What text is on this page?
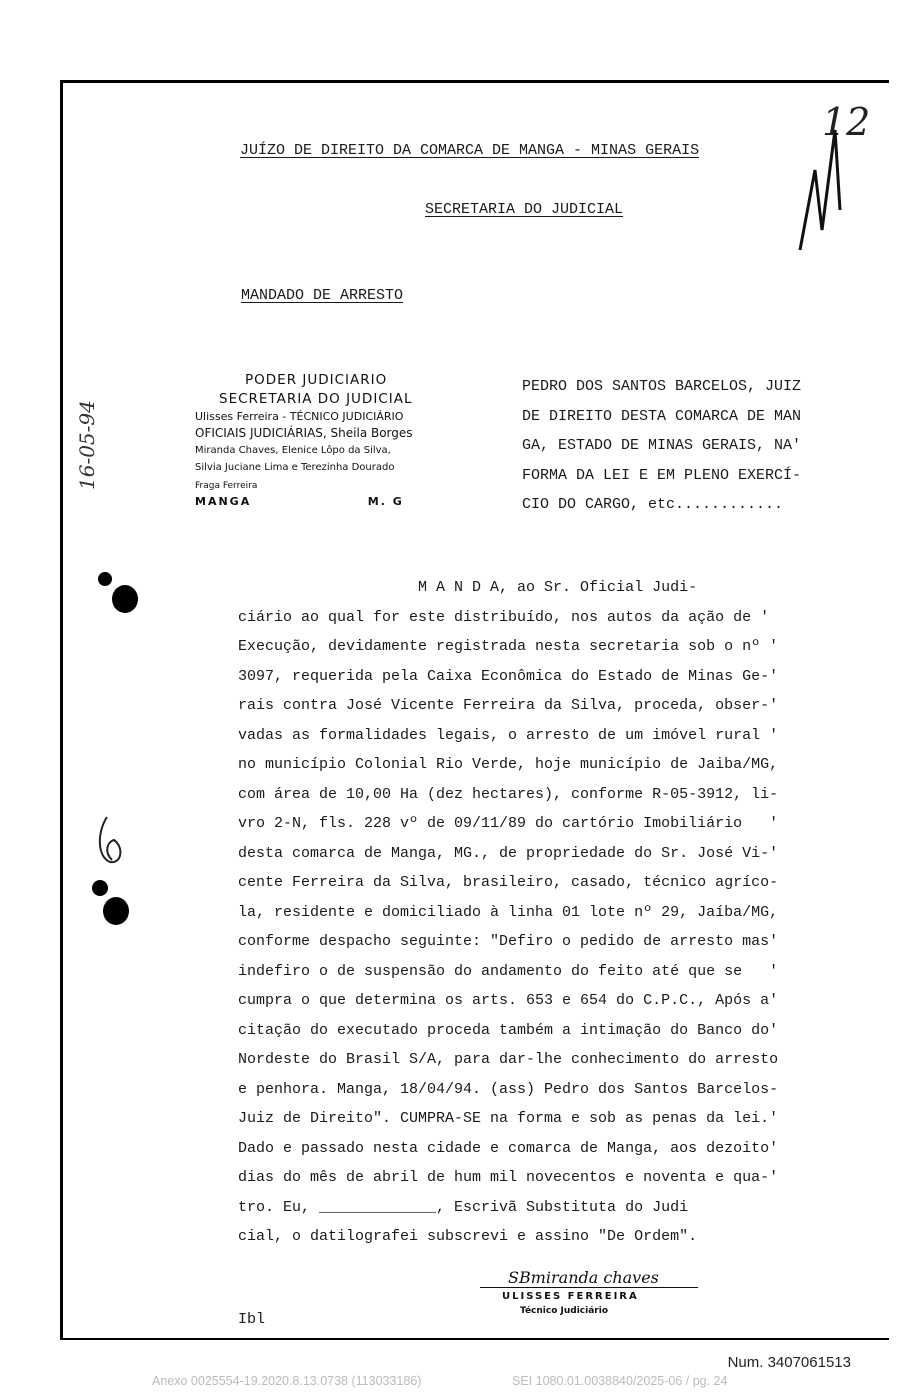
JUÍZO DE DIREITO DA COMARCA DE MANGA - MINAS GERAIS
SECRETARIA DO JUDICIAL
12
MANDADO DE ARRESTO
PODER JUDICIARIO
SECRETARIA DO JUDICIAL
Ulisses Ferreira - TÉCNICO JUDICIÁRIO
OFICIAIS JUDICIÁRIAS, Sheila Borges
Miranda Chaves, Elenice Lôpo da Silva,
Silvia Juciane Lima e Terezinha Dourado
Fraga Ferreira
MANGA                    M. G
PEDRO DOS SANTOS BARCELOS, JUIZ
DE DIREITO DESTA COMARCA DE MAN
GA, ESTADO DE MINAS GERAIS, NA'
FORMA DA LEI E EM PLENO EXERCÍ-
CIO DO CARGO, etc............
16-05-94
M A N D A, ao Sr. Oficial Judi-
ciário ao qual for este distribuído, nos autos da ação de '
Execução, devidamente registrada nesta secretaria sob o nº '
3097, requerida pela Caixa Econômica do Estado de Minas Ge-'
rais contra José Vicente Ferreira da Silva, proceda, obser-'
vadas as formalidades legais, o arresto de um imóvel rural '
no município Colonial Rio Verde, hoje município de Jaiba/MG,
com área de 10,00 Ha (dez hectares), conforme R-05-3912, li-
vro 2-N, fls. 228 vº de 09/11/89 do cartório Imobiliário   '
desta comarca de Manga, MG., de propriedade do Sr. José Vi-'
cente Ferreira da Silva, brasileiro, casado, técnico agríco-
la, residente e domiciliado à linha 01 lote nº 29, Jaíba/MG,
conforme despacho seguinte: "Defiro o pedido de arresto mas'
indefiro o de suspensão do andamento do feito até que se   '
cumpra o que determina os arts. 653 e 654 do C.P.C., Após a'
citação do executado proceda também a intimação do Banco do'
Nordeste do Brasil S/A, para dar-lhe conhecimento do arresto
e penhora. Manga, 18/04/94. (ass) Pedro dos Santos Barcelos-
Juiz de Direito". CUMPRA-SE na forma e sob as penas da lei.'
Dado e passado nesta cidade e comarca de Manga, aos dezoito'
dias do mês de abril de hum mil novecentos e noventa e qua-'
tro. Eu, _____________, Escrivã Substituta do Judi
cial, o datilografei subscrevi e assino "De Ordem".
SBmiranda chaves
ULISSES FERREIRA
Técnico Judiciário
Ibl
Num. 3407061513
Anexo 0025554-19.2020.8.13.0738 (113033186)	SEI 1080.01.0038840/2025-06 / pg. 24
